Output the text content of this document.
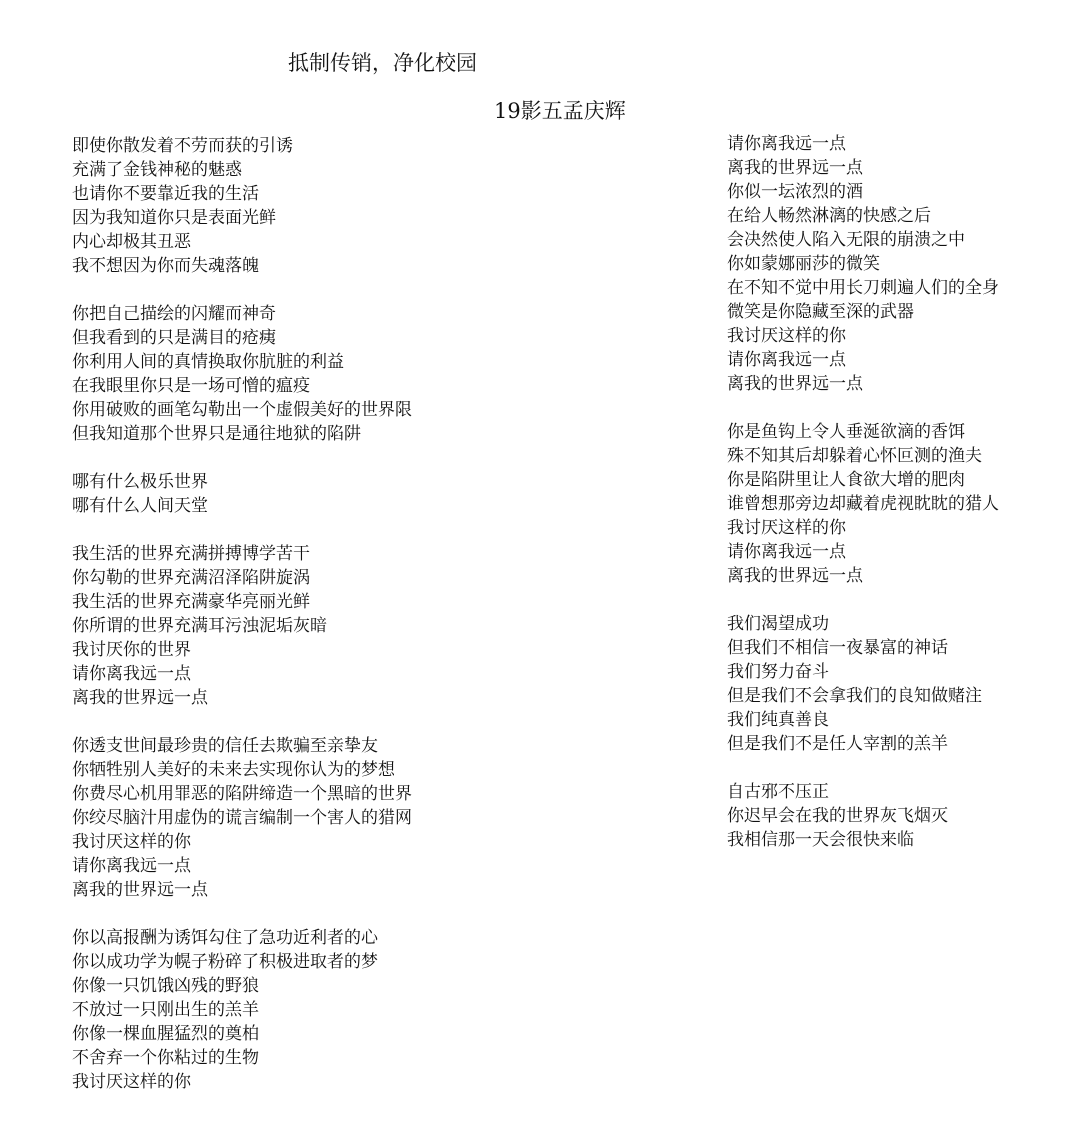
抵制传销，净化校园
19影五孟庆辉
即使你散发着不劳而获的引诱
充满了金钱神秘的魅惑
也请你不要靠近我的生活
因为我知道你只是表面光鲜
内心却极其丑恶
我不想因为你而失魂落魄
你把自己描绘的闪耀而神奇
但我看到的只是满目的疮痍
你利用人间的真情换取你肮脏的利益
在我眼里你只是一场可憎的瘟疫
你用破败的画笔勾勒出一个虚假美好的世界限
但我知道那个世界只是通往地狱的陷阱
哪有什么极乐世界
哪有什么人间天堂
我生活的世界充满拼搏博学苦干
你勾勒的世界充满沼泽陷阱旋涡
我生活的世界充满豪华亮丽光鲜
你所谓的世界充满耳污浊泥垢灰暗
我讨厌你的世界
请你离我远一点
离我的世界远一点
你透支世间最珍贵的信任去欺骗至亲挚友
你牺牲别人美好的未来去实现你认为的梦想
你费尽心机用罪恶的陷阱缔造一个黑暗的世界
你绞尽脑汁用虚伪的谎言编制一个害人的猎网
我讨厌这样的你
请你离我远一点
离我的世界远一点
你以高报酬为诱饵勾住了急功近利者的心
你以成功学为幌子粉碎了积极进取者的梦
你像一只饥饿凶残的野狼
不放过一只刚出生的羔羊
你像一棵血腥猛烈的奠柏
不舍弃一个你粘过的生物
我讨厌这样的你
请你离我远一点
离我的世界远一点
你似一坛浓烈的酒
在给人畅然淋漓的快感之后
会决然使人陷入无限的崩溃之中
你如蒙娜丽莎的微笑
在不知不觉中用长刀刺遍人们的全身
微笑是你隐藏至深的武器
我讨厌这样的你
请你离我远一点
离我的世界远一点
你是鱼钩上令人垂涎欲滴的香饵
殊不知其后却躲着心怀叵测的渔夫
你是陷阱里让人食欲大增的肥肉
谁曾想那旁边却藏着虎视眈眈的猎人
我讨厌这样的你
请你离我远一点
离我的世界远一点
我们渴望成功
但我们不相信一夜暴富的神话
我们努力奋斗
但是我们不会拿我们的良知做赌注
我们纯真善良
但是我们不是任人宰割的羔羊
自古邪不压正
你迟早会在我的世界灰飞烟灭
我相信那一天会很快来临
